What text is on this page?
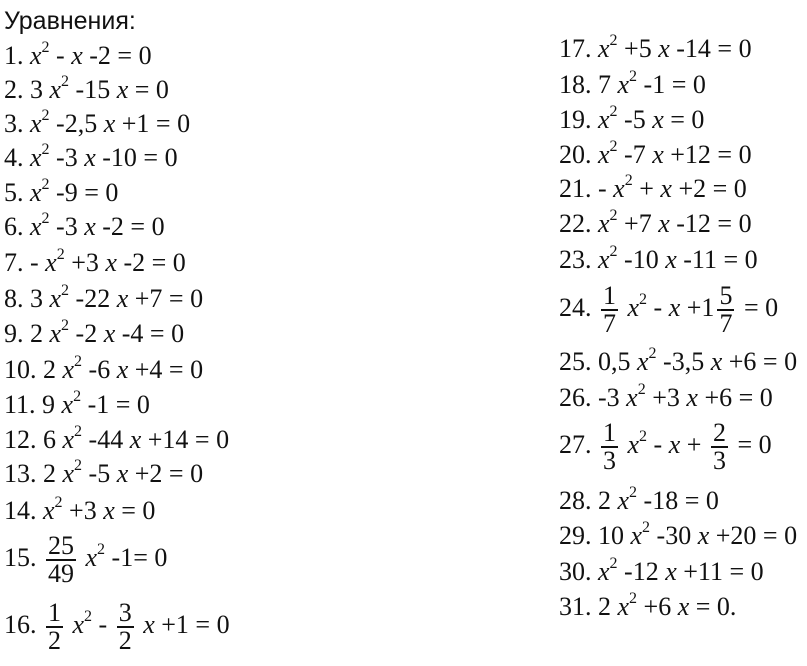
Уравнения:
1. $x^2$ - x -2 = 0
2. 3 $x^2$ -15 x = 0
3. $x^2$ -2,5 x +1 = 0
4. $x^2$ -3 x -10 = 0
5. $x^2$ -9 = 0
6. $x^2$ -3 x -2 = 0
7. - $x^2 +3$ x -2 = 0
8. 3 $x^2$ -22 x +7 = 0
9. 2 $x^2$ -2 x -4 = 0
10. 2 $x^2$ -6 x +4 = 0
11. 9 $x^2$ -1 = 0
12. 6 $x^2$ -44 x +14 = 0
13. 2 $x^2$ -5 x +2 = 0
14. $x^2 +3$ x = 0
15. $\frac{25}{49} x^2$ -1= 0
16. $\frac{1}{2} x^2 - \frac{3}{2}$ x +1 = 0
17. $x^2 +5$ x -14 = 0
18. 7 $x^2$ -1 = 0
19. $x^2$ -5 x = 0
20. $x^2$ -7 x +12 = 0
21. - $x^2 + x +2 = 0$
22. $x^2 +7$ x -12 = 0
23. $x^2$ -10 x -11 = 0
24. $\frac{1}{7} x^2 - x +1 \frac{5}{7} = 0$
25. 0,5 $x^2$ -3,5 x +6 = 0
26. -3 $x^2 +3$ x +6 = 0
27. $\frac{1}{3} x^2 - x + \frac{2}{3} = 0$
28. 2 $x^2$ -18 = 0
29. 10 $x^2$ -30 x +20 = 0
30. $x^2$ -12 x +11 = 0
31. 2 $x^2 +6$ x = 0.
